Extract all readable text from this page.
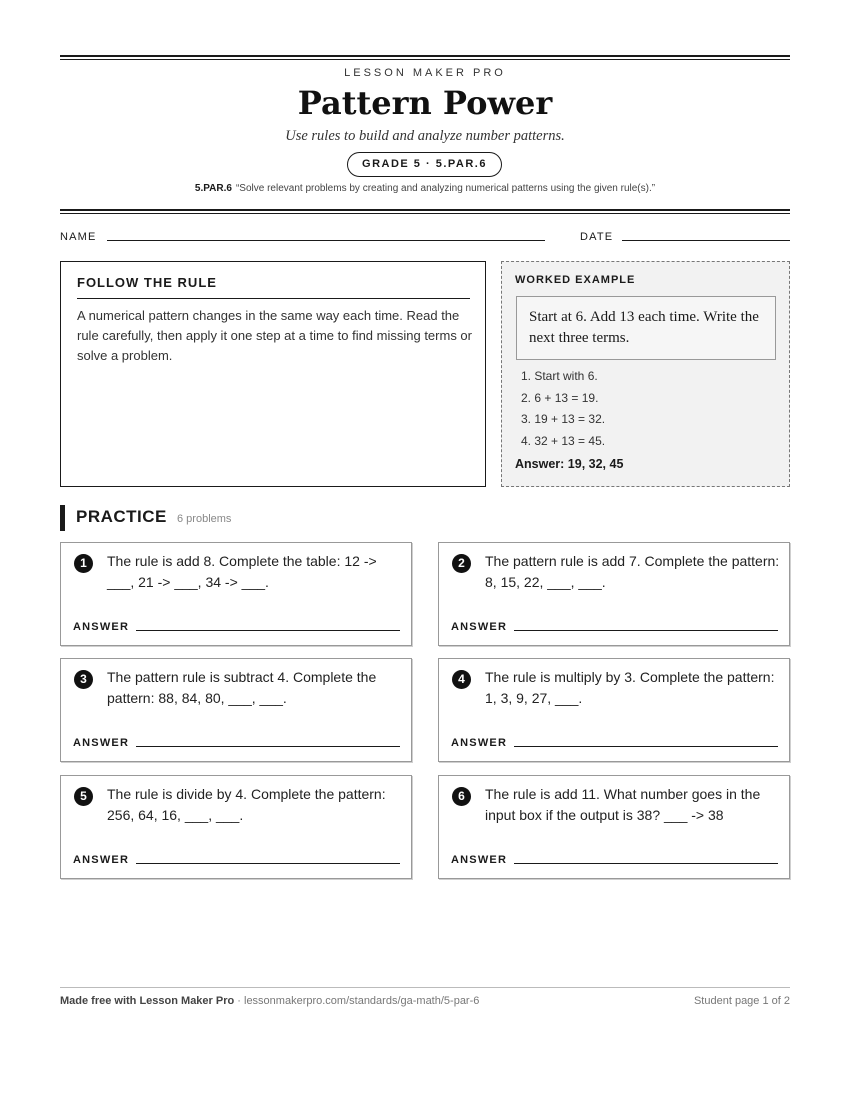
LESSON MAKER PRO
Pattern Power
Use rules to build and analyze number patterns.
GRADE 5 · 5.PAR.6
5.PAR.6 “Solve relevant problems by creating and analyzing numerical patterns using the given rule(s).”
NAME	DATE
FOLLOW THE RULE

A numerical pattern changes in the same way each time. Read the rule carefully, then apply it one step at a time to find missing terms or solve a problem.

WORKED EXAMPLE
Start at 6. Add 13 each time. Write the next three terms.
1. Start with 6.
2. 6 + 13 = 19.
3. 19 + 13 = 32.
4. 32 + 13 = 45.
Answer: 19, 32, 45
PRACTICE 6 problems
1	The rule is add 8. Complete the table: 12 -> ___, 21 -> ___, 34 -> ___.
ANSWER
2	The pattern rule is add 7. Complete the pattern: 8, 15, 22, ___, ___.
ANSWER
3	The pattern rule is subtract 4. Complete the pattern: 88, 84, 80, ___, ___.
ANSWER
4	The rule is multiply by 3. Complete the pattern: 1, 3, 9, 27, ___.
ANSWER
5	The rule is divide by 4. Complete the pattern: 256, 64, 16, ___, ___.
ANSWER
6	The rule is add 11. What number goes in the input box if the output is 38? ___ -> 38
ANSWER
Made free with Lesson Maker Pro · lessonmakerpro.com/standards/ga-math/5-par-6	Student page 1 of 2
